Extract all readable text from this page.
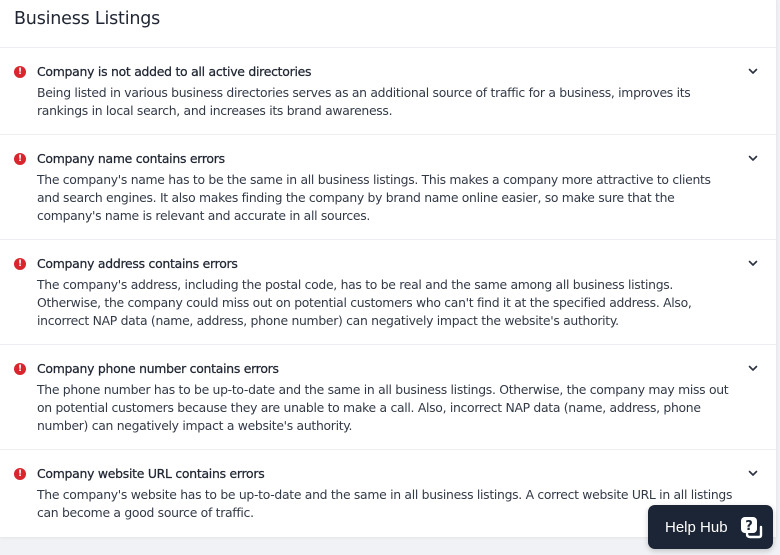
Business Listings
!	Company is not added to all active directories
Being listed in various business directories serves as an additional source of traffic for a business, improves its rankings in local search, and increases its brand awareness.
!	Company name contains errors
The company's name has to be the same in all business listings. This makes a company more attractive to clients and search engines. It also makes finding the company by brand name online easier, so make sure that the company's name is relevant and accurate in all sources.
!	Company address contains errors
The company's address, including the postal code, has to be real and the same among all business listings. Otherwise, the company could miss out on potential customers who can't find it at the specified address. Also, incorrect NAP data (name, address, phone number) can negatively impact the website's authority.
!	Company phone number contains errors
The phone number has to be up-to-date and the same in all business listings. Otherwise, the company may miss out on potential customers because they are unable to make a call. Also, incorrect NAP data (name, address, phone number) can negatively impact a website's authority.
!	Company website URL contains errors
The company's website has to be up-to-date and the same in all business listings. A correct website URL in all listings can become a good source of traffic.
Help Hub ?
